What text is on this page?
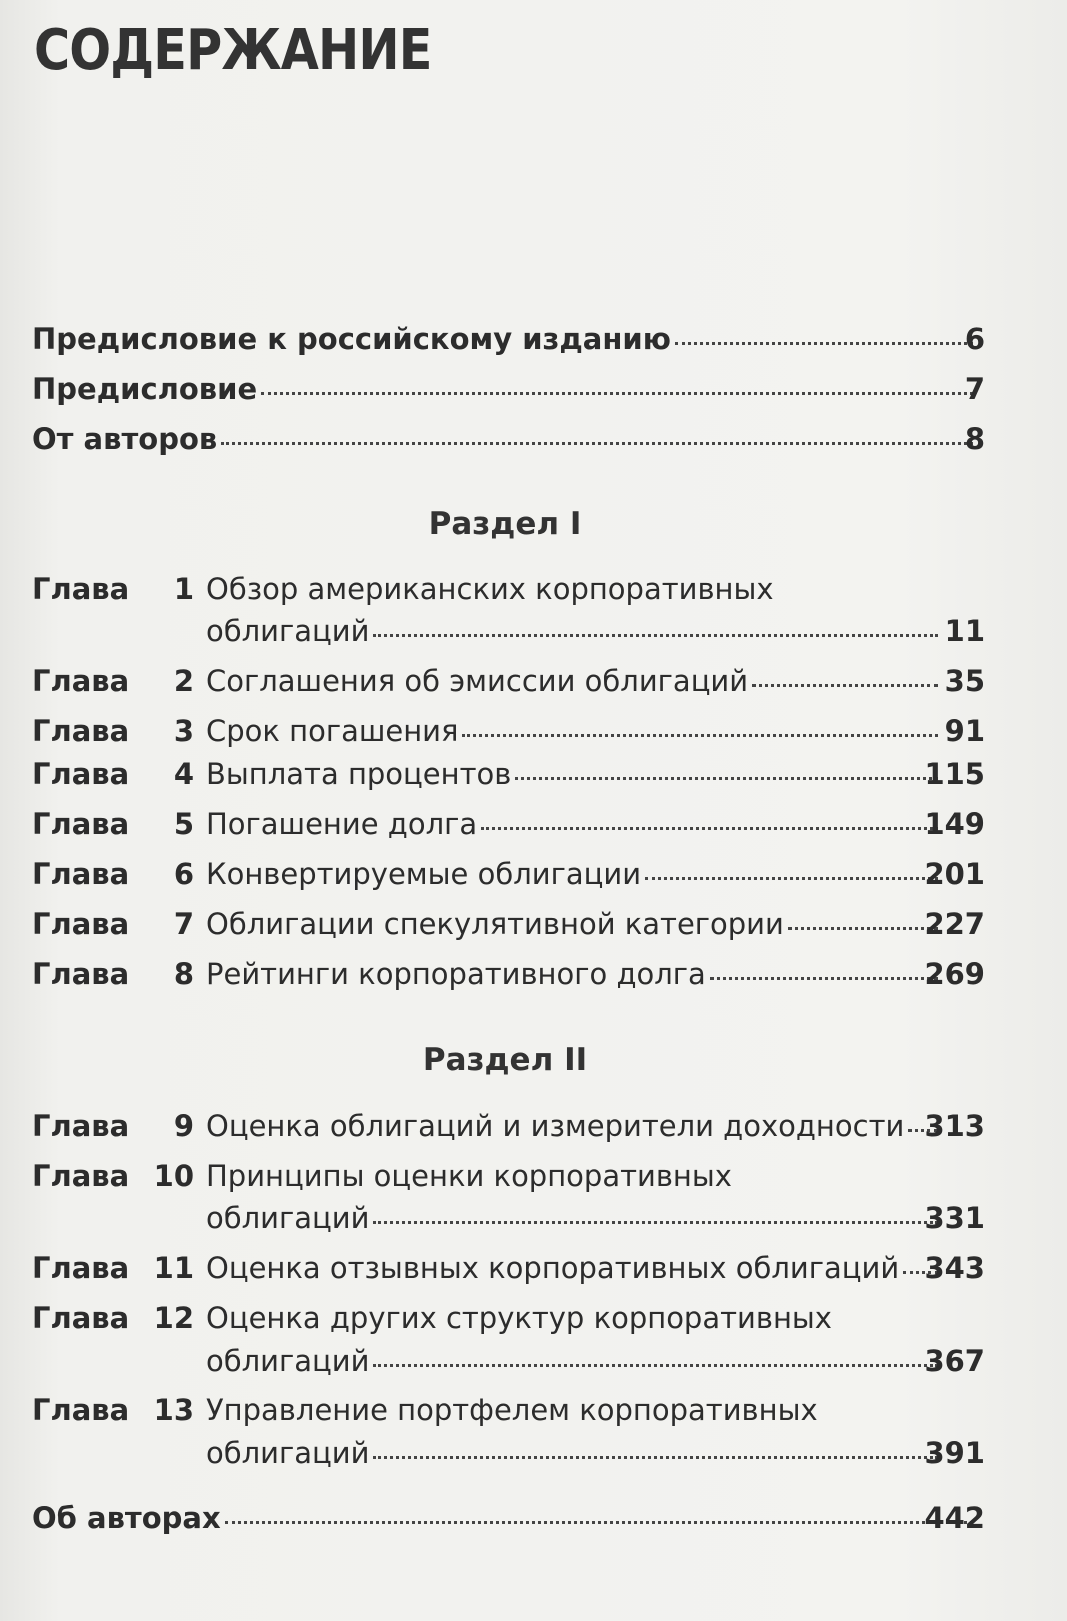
СОДЕРЖАНИЕ
Предисловие к российскому изданию	6
Предисловие	7
От авторов	8
Раздел I
Глава	1 Обзор американских корпоративных
облигаций	11
Глава	2 Соглашения об эмиссии облигаций	35
Глава	3 Срок погашения	91
Глава	4 Выплата процентов	115
Глава	5 Погашение долга	149
Глава	6 Конвертируемые облигации	201
Глава	7 Облигации спекулятивной категории	227
Глава	8 Рейтинги корпоративного долга	269
Раздел II
Глава	9 Оценка облигаций и измерители доходности 313
Глава 10 Принципы оценки корпоративных
облигаций	331
Глава 11 Оценка отзывных корпоративных облигаций 343
Глава 12 Оценка других структур корпоративных
облигаций	367
Глава 13 Управление портфелем корпоративных
облигаций	391
Об авторах	442
